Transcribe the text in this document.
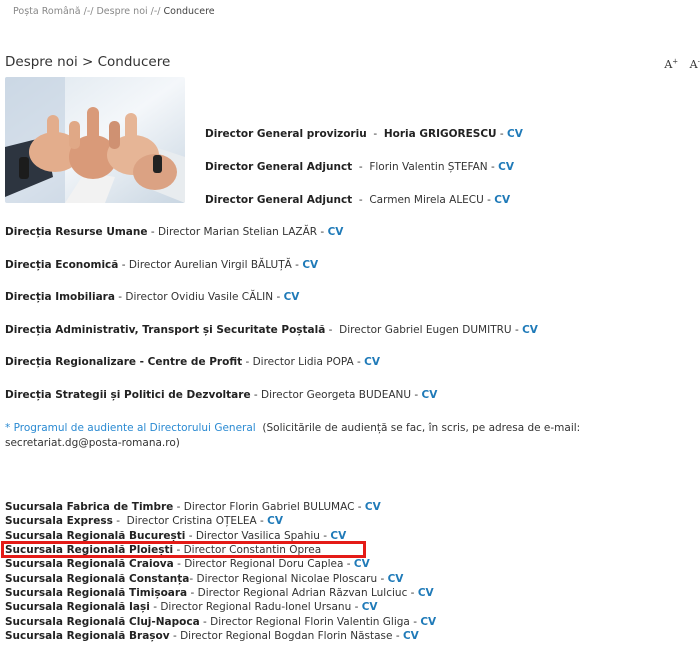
Poșta Română /-/ Despre noi /-/ Conducere
Despre noi > Conducere	A+ A-
Director General provizoriu  -  Horia GRIGORESCU - CV
Director General Adjunct  -  Florin Valentin ȘTEFAN - CV
Director General Adjunct  -  Carmen Mirela ALECU - CV
Direcția Resurse Umane - Director Marian Stelian LAZĂR - CV
Direcția Economică - Director Aurelian Virgil BĂLUȚĂ - CV
Direcția Imobiliara - Director Ovidiu Vasile CĂLIN - CV
Direcția Administrativ, Transport și Securitate Poștală -  Director Gabriel Eugen DUMITRU - CV
Direcția Regionalizare - Centre de Profit - Director Lidia POPA - CV
Direcția Strategii și Politici de Dezvoltare - Director Georgeta BUDEANU - CV
* Programul de audiente al Directorului General (Solicitările de audiență se fac, în scris, pe adresa de e-mail: secretariat.dg@posta-romana.ro)
Sucursala Fabrica de Timbre - Director Florin Gabriel BULUMAC - CV
Sucursala Express -  Director Cristina OȚELEA - CV
Sucursala Regională București - Director Vasilica Spahiu - CV
Sucursala Regională Ploiești - Director Constantin Oprea
Sucursala Regională Craiova - Director Regional Doru Caplea - CV
Sucursala Regională Constanța- Director Regional Nicolae Ploscaru - CV
Sucursala Regională Timișoara - Director Regional Adrian Răzvan Lulciuc - CV
Sucursala Regională Iași - Director Regional Radu-Ionel Ursanu - CV
Sucursala Regională Cluj-Napoca - Director Regional Florin Valentin Gliga - CV
Sucursala Regională Brașov - Director Regional Bogdan Florin Năstase - CV
